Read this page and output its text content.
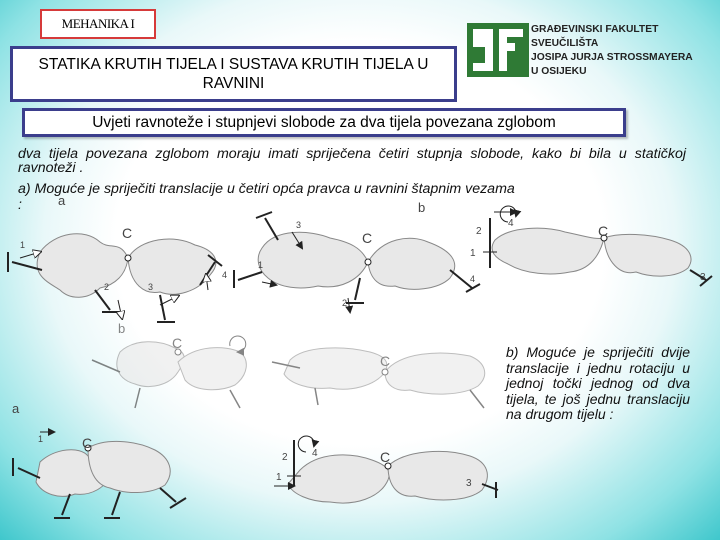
MEHANIKA I
STATIKA KRUTIH TIJELA I SUSTAVA KRUTIH TIJELA U RAVNINI
GRAĐEVINSKI FAKULTET
SVEUČILIŠTA
JOSIPA JURJA STROSSMAYERA
U OSIJEKU
Uvjeti ravnoteže i stupnjevi slobode za dva tijela povezana zglobom
dva tijela povezana zglobom moraju imati spriječena četiri stupnja slobode, kako bi bila u statičkoj ravnoteži .
a) Moguće je spriječiti translacije u četiri opća pravca u ravnini štapnim vezama
:
b) Moguće je spriječiti dvije translacije i jednu rotaciju u jednoj točki jednog od dva tijela, te još jednu translaciju na drugom tijelu :
a
C
1
2	3
4
C
1
2
3
4
b
C
1
2
4
3
b
C
C
a
C
1
C
1
2 4
3
